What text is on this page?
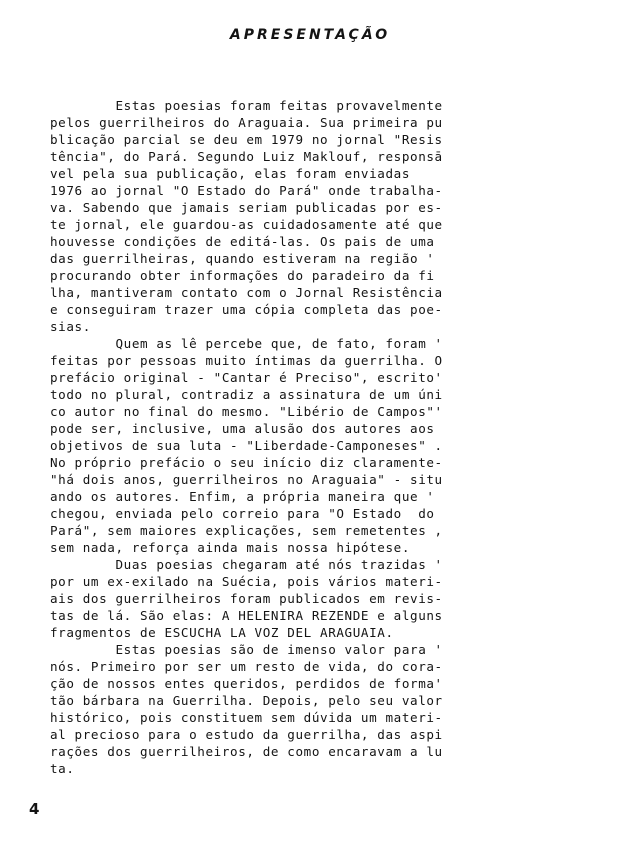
APRESENTAÇÃO
Estas poesias foram feitas provavelmente
pelos guerrilheiros do Araguaia. Sua primeira pu
blicação parcial se deu em 1979 no jornal "Resis
tência", do Pará. Segundo Luiz Maklouf, responsā
vel pela sua publicação, elas foram enviadas
1976 ao jornal "O Estado do Pará" onde trabalha-
va. Sabendo que jamais seriam publicadas por es-
te jornal, ele guardou-as cuidadosamente até que
houvesse condições de editá-las. Os pais de uma
das guerrilheiras, quando estiveram na região '
procurando obter informações do paradeiro da fi
lha, mantiveram contato com o Jornal Resistência
e conseguiram trazer uma cópia completa das poe-
sias.
Quem as lê percebe que, de fato, foram '
feitas por pessoas muito íntimas da guerrilha. O
prefácio original - "Cantar é Preciso", escrito'
todo no plural, contradiz a assinatura de um úni
co autor no final do mesmo. "Libério de Campos"'
pode ser, inclusive, uma alusão dos autores aos
objetivos de sua luta - "Liberdade-Camponeses" .
No próprio prefácio o seu início diz claramente-
"há dois anos, guerrilheiros no Araguaia" - situ
ando os autores. Enfim, a própria maneira que '
chegou, enviada pelo correio para "O Estado  do
Pará", sem maiores explicações, sem remetentes ,
sem nada, reforça ainda mais nossa hipótese.
Duas poesias chegaram até nós trazidas '
por um ex-exilado na Suécia, pois vários materi-
ais dos guerrilheiros foram publicados em revis-
tas de lá. São elas: A HELENIRA REZENDE e alguns
fragmentos de ESCUCHA LA VOZ DEL ARAGUAIA.
Estas poesias são de imenso valor para '
nós. Primeiro por ser um resto de vida, do cora-
ção de nossos entes queridos, perdidos de forma'
tão bárbara na Guerrilha. Depois, pelo seu valor
histórico, pois constituem sem dúvida um materi-
al precioso para o estudo da guerrilha, das aspi
rações dos guerrilheiros, de como encaravam a lu
ta.
4
